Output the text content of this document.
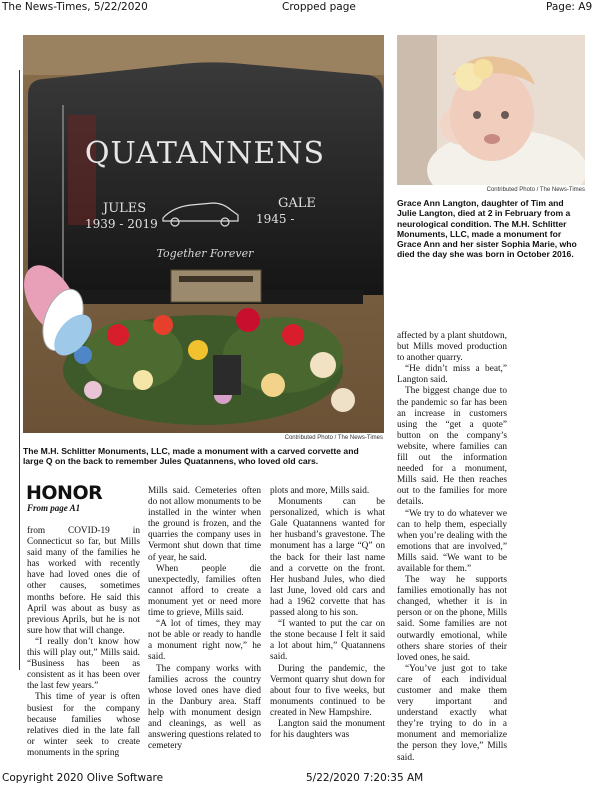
The News-Times, 5/22/2020	Cropped page	Page: A9
QUATANNENS
JULES
1939 - 2019
GALE
1945 -
Together Forever
Contributed Photo / The News-Times
The M.H. Schlitter Monuments, LLC, made a monument with a carved corvette and large Q on the back to remember Jules Quatannens, who loved old cars.
Contributed Photo / The News-Times
Grace Ann Langton, daughter of Tim and Julie Langton, died at 2 in February from a neurological condition. The M.H. Schlitter Monuments, LLC, made a monument for Grace Ann and her sister Sophia Marie, who died the day she was born in October 2016.
HONOR
From page A1

from COVID-19 in Connecticut so far, but Mills said many of the families he has worked with recently have had loved ones die of other causes, sometimes months before. He said this April was about as busy as previous Aprils, but he is not sure how that will change.

“I really don’t know how this will play out,” Mills said. “Business has been as consistent as it has been over the last few years.”

This time of year is often busiest for the company because families whose relatives died in the late fall or winter seek to create monuments in the spring

Mills said. Cemeteries often do not allow monuments to be installed in the winter when the ground is frozen, and the quarries the company uses in Vermont shut down that time of year, he said.

When people die unexpectedly, families often cannot afford to create a monument yet or need more time to grieve, Mills said.

“A lot of times, they may not be able or ready to handle a monument right now,” he said.

The company works with families across the country whose loved ones have died in the Danbury area. Staff help with monument design and cleanings, as well as answering questions related to cemetery

plots and more, Mills said.

Monuments can be personalized, which is what Gale Quatannens wanted for her husband’s gravestone. The monument has a large “Q” on the back for their last name and a corvette on the front. Her husband Jules, who died last June, loved old cars and had a 1962 corvette that has passed along to his son.

“I wanted to put the car on the stone because I felt it said a lot about him,” Quatannens said.

During the pandemic, the Vermont quarry shut down for about four to five weeks, but monuments continued to be created in New Hampshire.

Langton said the monument for his daughters was

affected by a plant shutdown, but Mills moved production to another quarry.

“He didn’t miss a beat,” Langton said.

The biggest change due to the pandemic so far has been an increase in customers using the “get a quote” button on the company’s website, where families can fill out the information needed for a monument, Mills said. He then reaches out to the families for more details.

“We try to do whatever we can to help them, especially when you’re dealing with the emotions that are involved,” Mills said. “We want to be available for them.”

The way he supports families emotionally has not changed, whether it is in person or on the phone, Mills said. Some families are not outwardly emotional, while others share stories of their loved ones, he said.

“You’ve just got to take care of each individual customer and make them very important and understand exactly what they’re trying to do in a monument and memorialize the person they love,” Mills said.

Copyright 2020 Olive Software	5/22/2020 7:20:35 AM
